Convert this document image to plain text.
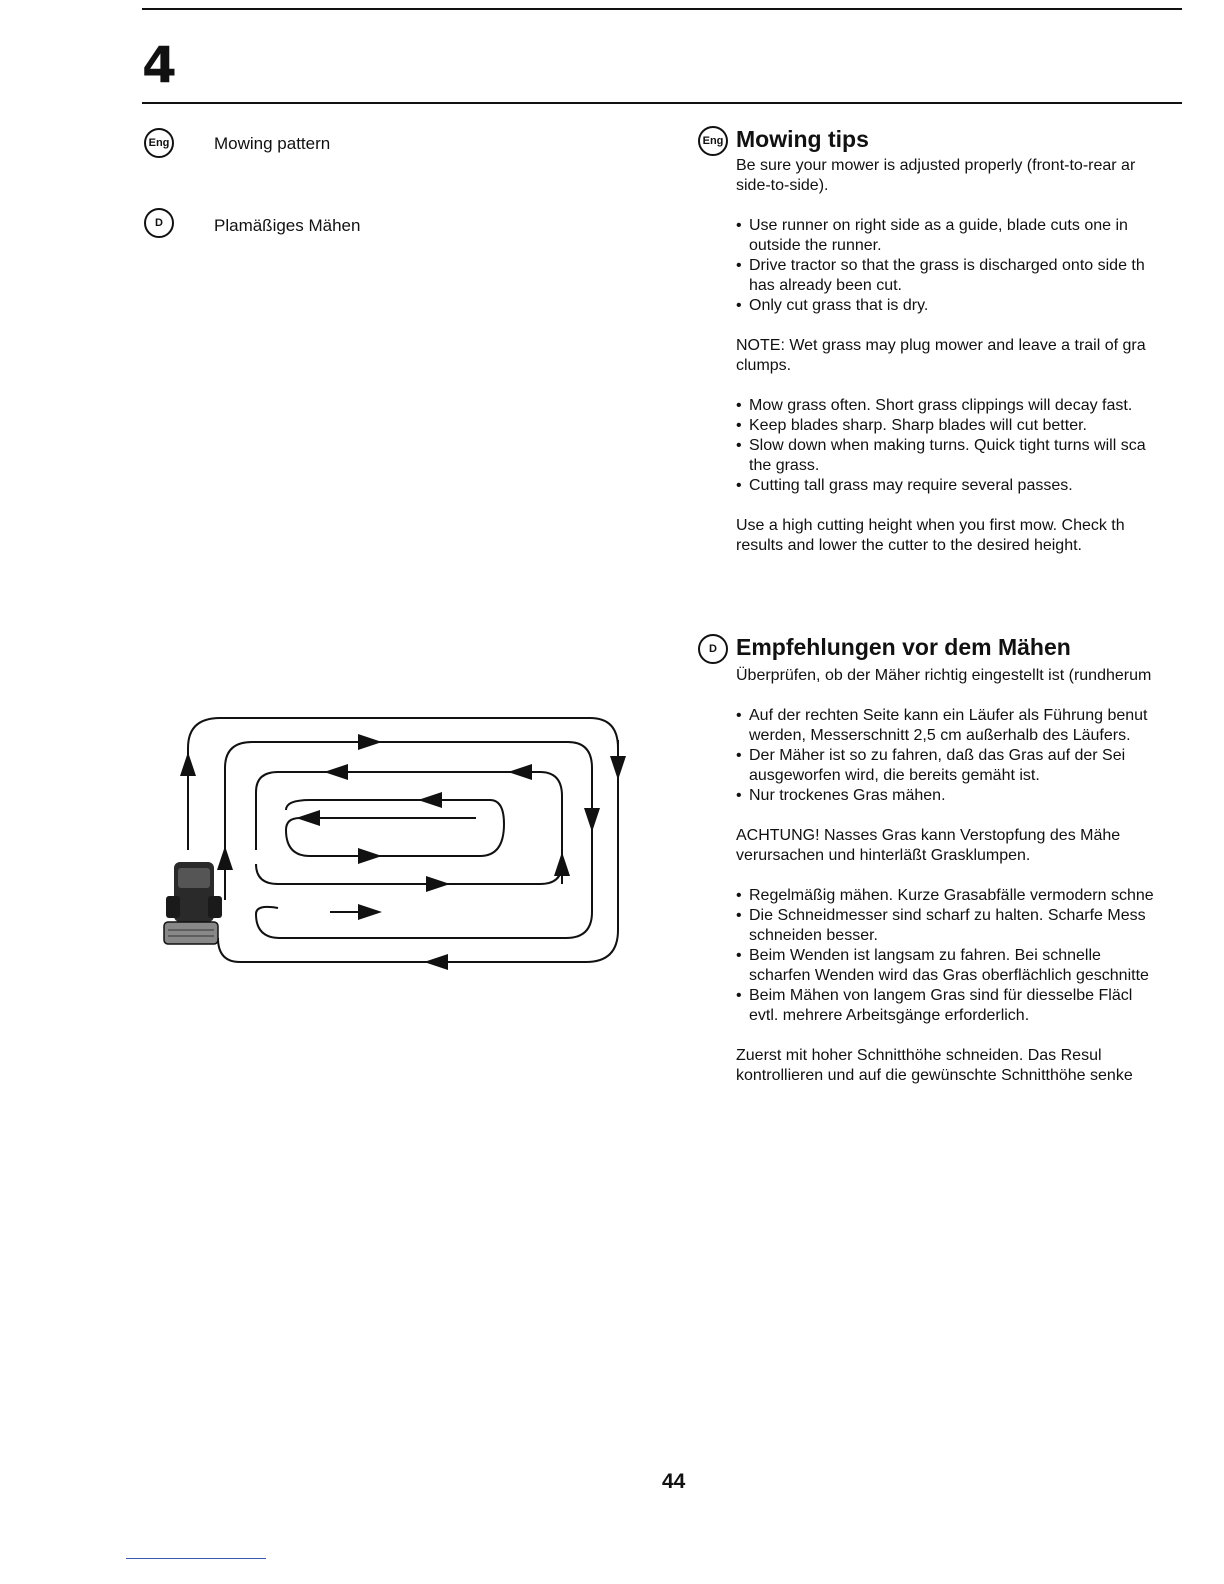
4
Eng	Mowing pattern
D	Plamäßiges Mähen
Eng Mowing tips

Be sure your mower is adjusted properly (front-to-rear ar

side-to-side).

• Use runner on right side as a guide, blade cuts one in
outside the runner.
• Drive tractor so that the grass is discharged onto side th
has already been cut.
• Only cut grass that is dry.

NOTE: Wet grass may plug mower and leave a trail of gra

clumps.

• Mow grass often. Short grass clippings will decay fast.
• Keep blades sharp. Sharp blades will cut better.
• Slow down when making turns. Quick tight turns will sca
the grass.
• Cutting tall grass may require several passes.

Use a high cutting height when you first mow. Check th

results and lower the cutter to the desired height.

D Empfehlungen vor dem Mähen

Überprüfen, ob der Mäher richtig eingestellt ist (rundherum

• Auf der rechten Seite kann ein Läufer als Führung benut
werden, Messerschnitt 2,5 cm außerhalb des Läufers.
• Der Mäher ist so zu fahren, daß das Gras auf der Sei
ausgeworfen wird, die bereits gemäht ist.
• Nur trockenes Gras mähen.

ACHTUNG! Nasses Gras kann Verstopfung des Mähe

verursachen und hinterläßt Grasklumpen.

• Regelmäßig mähen. Kurze Grasabfälle vermodern schne
• Die Schneidmesser sind scharf zu halten. Scharfe Mess
schneiden besser.
• Beim Wenden ist langsam zu fahren. Bei schnelle
scharfen Wenden wird das Gras oberflächlich geschnitte
• Beim Mähen von langem Gras sind für diesselbe Fläcl
evtl. mehrere Arbeitsgänge erforderlich.

Zuerst mit hoher Schnitthöhe schneiden. Das Resul

kontrollieren und auf die gewünschte Schnitthöhe senke

44
